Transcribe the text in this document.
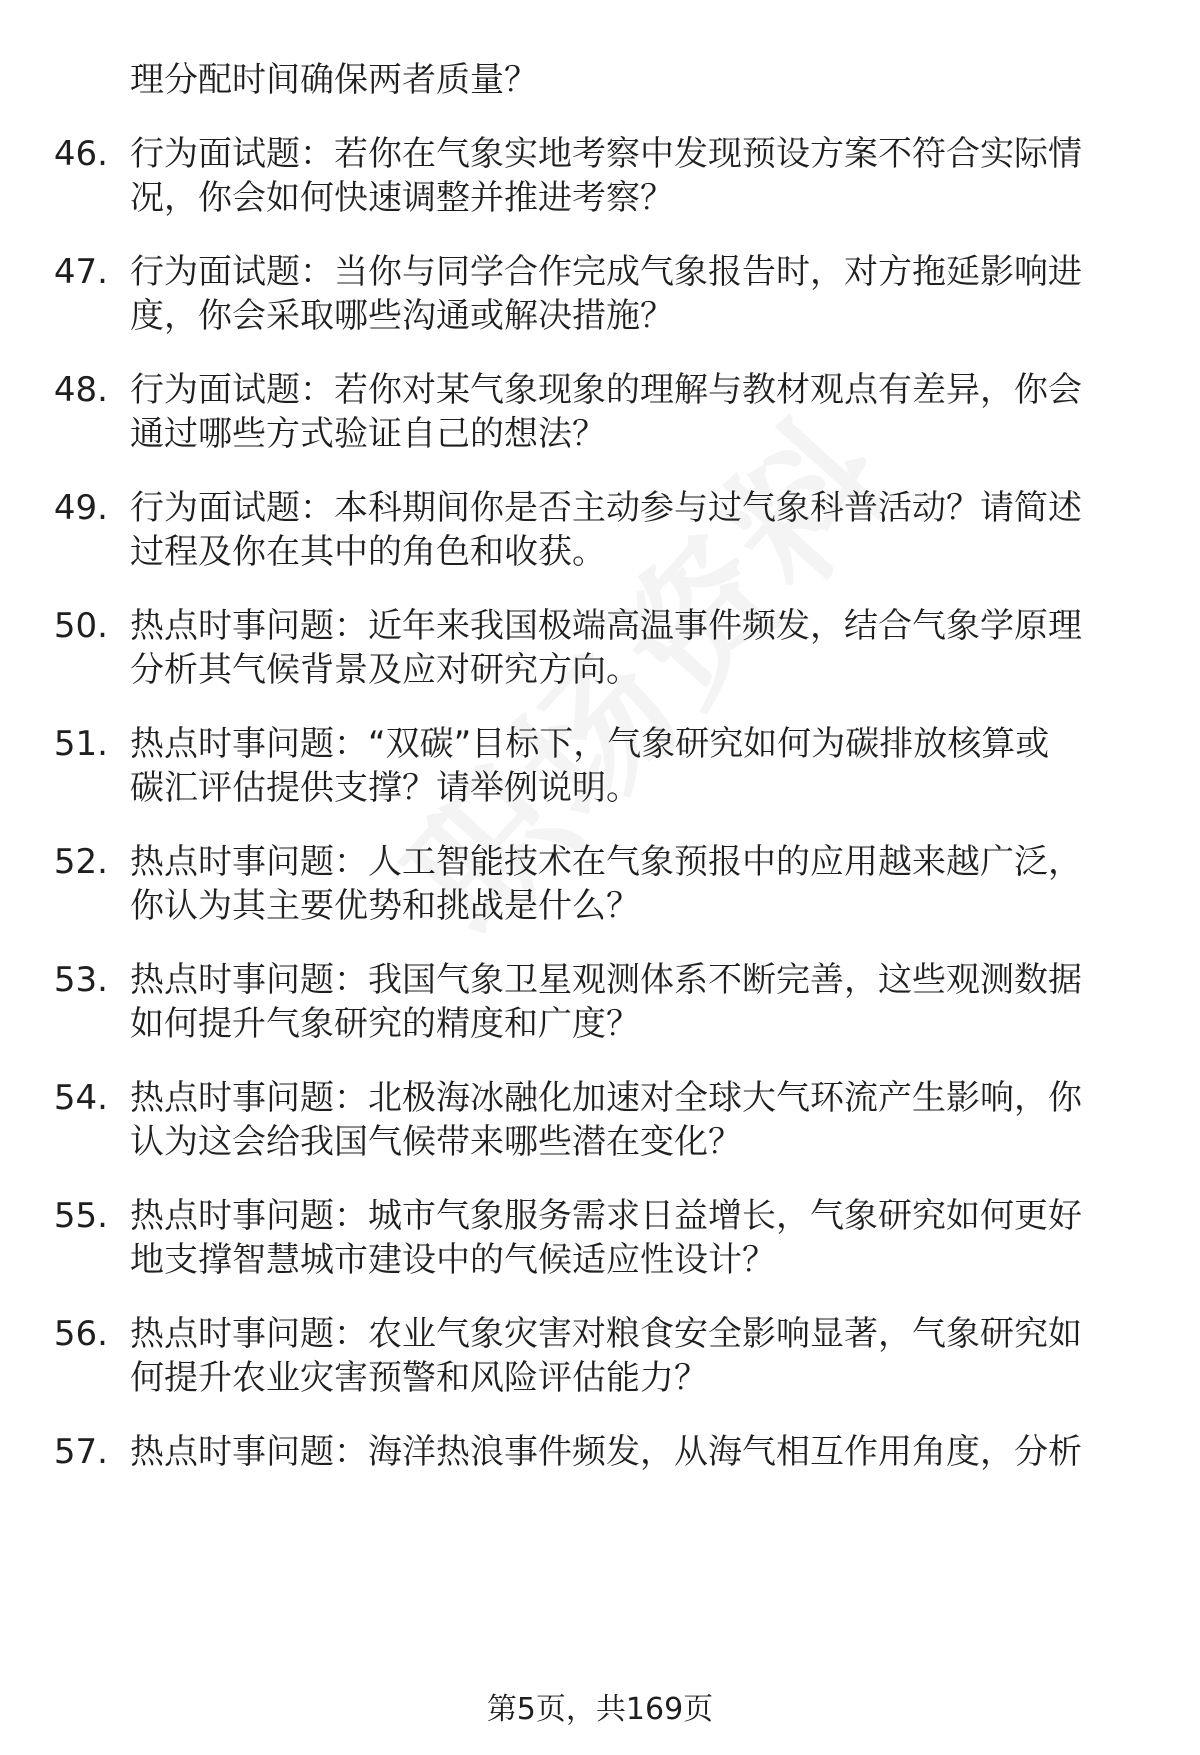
理分配时间确保两者质量？
46. 行为面试题：若你在气象实地考察中发现预设方案不符合实际情
况，你会如何快速调整并推进考察？
47. 行为面试题：当你与同学合作完成气象报告时，对方拖延影响进
度，你会采取哪些沟通或解决措施？
48. 行为面试题：若你对某气象现象的理解与教材观点有差异，你会
通过哪些方式验证自己的想法？
49. 行为面试题：本科期间你是否主动参与过气象科普活动？请简述
过程及你在其中的角色和收获。
50. 热点时事问题：近年来我国极端高温事件频发，结合气象学原理
分析其气候背景及应对研究方向。
51. 热点时事问题：“双碳”目标下，气象研究如何为碳排放核算或
碳汇评估提供支撑？请举例说明。
52. 热点时事问题：人工智能技术在气象预报中的应用越来越广泛，
你认为其主要优势和挑战是什么？
53. 热点时事问题：我国气象卫星观测体系不断完善，这些观测数据
如何提升气象研究的精度和广度？
54. 热点时事问题：北极海冰融化加速对全球大气环流产生影响，你
认为这会给我国气候带来哪些潜在变化？
55. 热点时事问题：城市气象服务需求日益增长，气象研究如何更好
地支撑智慧城市建设中的气候适应性设计？
56. 热点时事问题：农业气象灾害对粮食安全影响显著，气象研究如
何提升农业灾害预警和风险评估能力？
57. 热点时事问题：海洋热浪事件频发，从海气相互作用角度，分析
第5页，共169页
